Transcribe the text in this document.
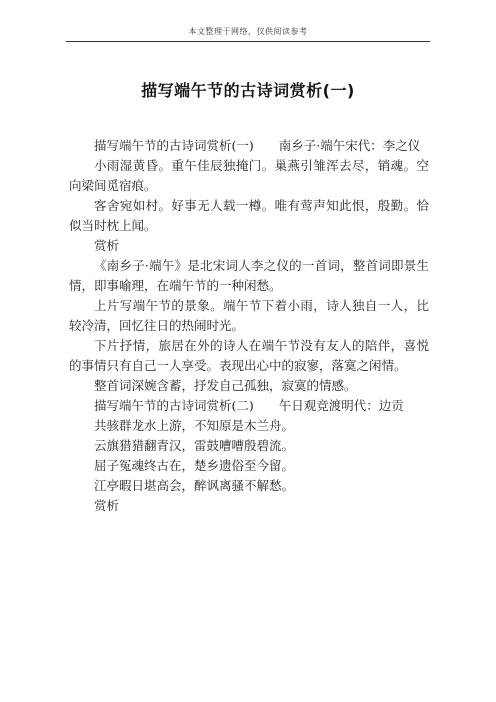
本文整理于网络，仅供阅读参考
描写端午节的古诗词赏析(一)

描写端午节的古诗词赏析(一)　　南乡子·端午宋代：李之仪

小雨湿黄昏。重午佳辰独掩门。巢燕引雏浑去尽，销魂。空向梁间觅宿痕。

客舍宛如村。好事无人载一樽。唯有莺声知此恨，殷勤。恰似当时枕上闻。

赏析

《南乡子·端午》是北宋词人李之仪的一首词，整首词即景生情，即事喻理，在端午节的一种闲愁。

上片写端午节的景象。端午节下着小雨，诗人独自一人，比较冷清，回忆往日的热闹时光。

下片抒情，旅居在外的诗人在端午节没有友人的陪伴，喜悦的事情只有自己一人享受。表现出心中的寂寥，落寞之闲情。

整首词深婉含蓄，抒发自己孤独，寂寞的情感。

描写端午节的古诗词赏析(二)　　午日观竞渡明代：边贡

共骇群龙水上游，不知原是木兰舟。

云旗猎猎翻青汉，雷鼓嘈嘈殷碧流。

屈子冤魂终古在，楚乡遗俗至今留。

江亭暇日堪高会，醉讽离骚不解愁。

赏析
